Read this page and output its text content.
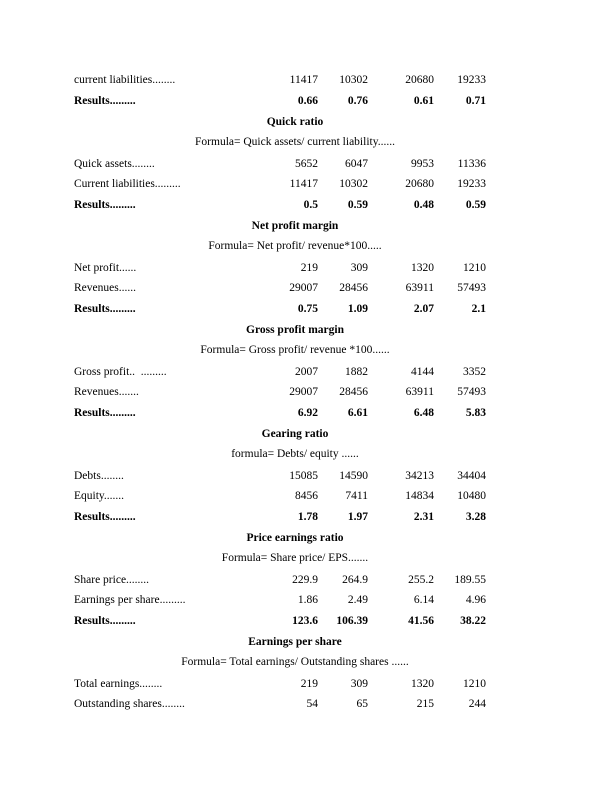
current liabilities........	11417	10302	20680	19233
Results.........	0.66	0.76	0.61	0.71
Quick ratio
Formula= Quick assets/ current liability......
Quick assets........	5652	6047	9953	11336
Current liabilities.........	11417	10302	20680	19233
Results.........	0.5	0.59	0.48	0.59
Net profit margin
Formula= Net profit/ revenue*100.....
Net profit......	219	309	1320	1210
Revenues......	29007	28456	63911	57493
Results.........	0.75	1.09	2.07	2.1
Gross profit margin
Formula= Gross profit/ revenue *100......
Gross profit..  .........	2007	1882	4144	3352
Revenues.......	29007	28456	63911	57493
Results.........	6.92	6.61	6.48	5.83
Gearing ratio
formula= Debts/ equity ......
Debts........	15085	14590	34213	34404
Equity.......	8456	7411	14834	10480
Results.........	1.78	1.97	2.31	3.28
Price earnings ratio
Formula= Share price/ EPS.......
Share price........	229.9	264.9	255.2	189.55
Earnings per share.........	1.86	2.49	6.14	4.96
Results.........	123.6	106.39	41.56	38.22
Earnings per share
Formula= Total earnings/ Outstanding shares ......
Total earnings........	219	309	1320	1210
Outstanding shares........	54	65	215	244
